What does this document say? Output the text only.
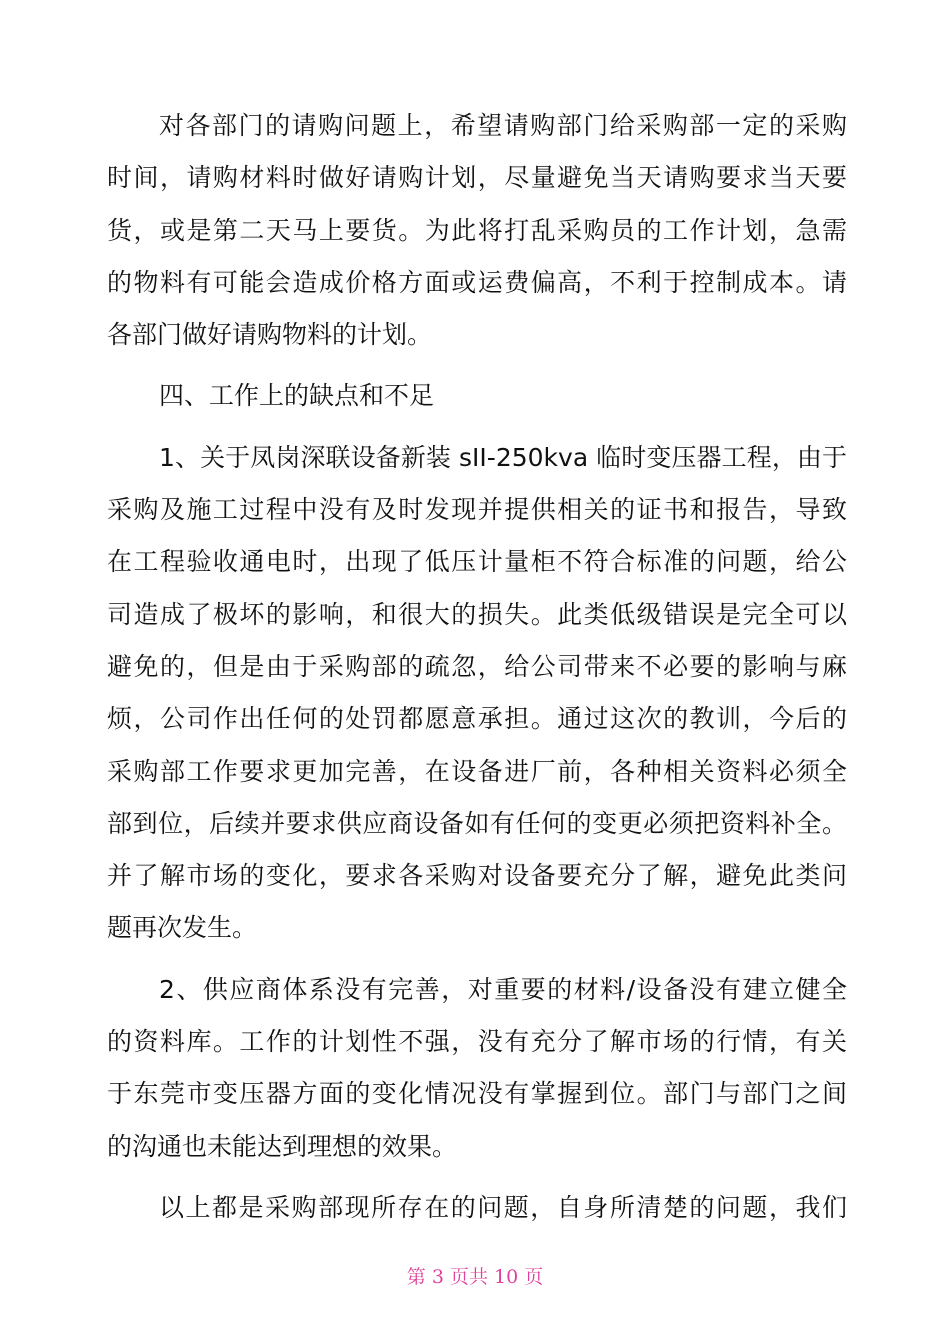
对各部门的请购问题上，希望请购部门给采购部一定的采购
时间，请购材料时做好请购计划，尽量避免当天请购要求当天要
货，或是第二天马上要货。为此将打乱采购员的工作计划，急需
的物料有可能会造成价格方面或运费偏高，不利于控制成本。请
各部门做好请购物料的计划。
四、工作上的缺点和不足
1、关于凤岗深联设备新装 sII-250kva 临时变压器工程，由于
采购及施工过程中没有及时发现并提供相关的证书和报告，导致
在工程验收通电时，出现了低压计量柜不符合标准的问题，给公
司造成了极坏的影响，和很大的损失。此类低级错误是完全可以
避免的，但是由于采购部的疏忽，给公司带来不必要的影响与麻
烦，公司作出任何的处罚都愿意承担。通过这次的教训，今后的
采购部工作要求更加完善，在设备进厂前，各种相关资料必须全
部到位，后续并要求供应商设备如有任何的变更必须把资料补全。
并了解市场的变化，要求各采购对设备要充分了解，避免此类问
题再次发生。
2、供应商体系没有完善，对重要的材料/设备没有建立健全
的资料库。工作的计划性不强，没有充分了解市场的行情，有关
于东莞市变压器方面的变化情况没有掌握到位。部门与部门之间
的沟通也未能达到理想的效果。
以上都是采购部现所存在的问题，自身所清楚的问题，我们
第 3 页共 10 页
